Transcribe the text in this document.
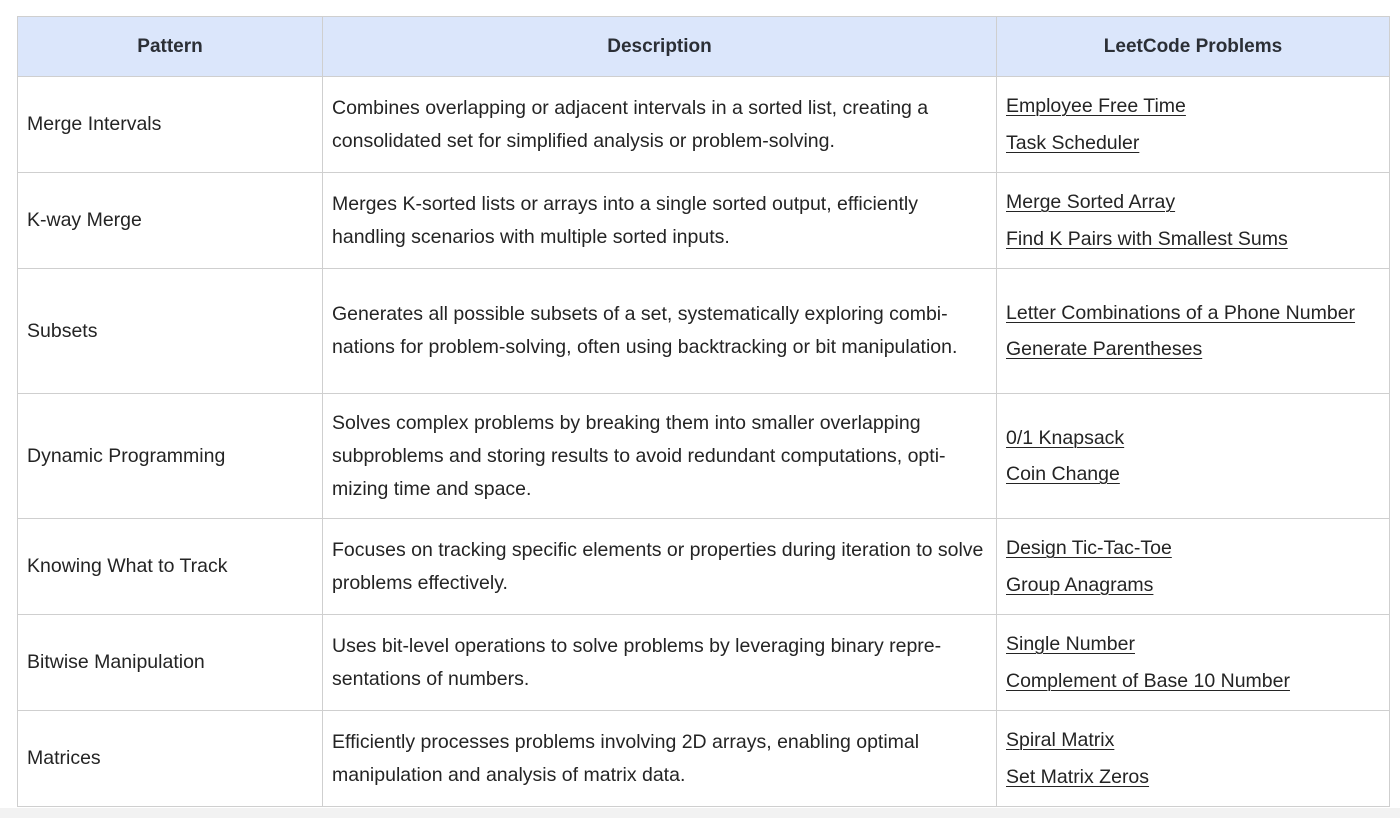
Pattern	Description	LeetCode Problems
Merge Intervals	Combines overlapping or adjacent intervals in a sorted list, creating a consolidated set for simplified analysis or problem-solving.	Employee Free Time
Task Scheduler

K-way Merge	Merges K-sorted lists or arrays into a single sorted output, efficiently handling scenarios with multiple sorted inputs.	Merge Sorted Array
Find K Pairs with Smallest Sums

Subsets	Generates all possible subsets of a set, systematically exploring combinations for problem-solving, often using backtracking or bit manipulation.	Letter Combinations of a Phone Number
Generate Parentheses

Dynamic Programming	Solves complex problems by breaking them into smaller overlapping subproblems and storing results to avoid redundant computations, optimizing time and space.	0/1 Knapsack
Coin Change

Knowing What to Track	Focuses on tracking specific elements or properties during iteration to solve problems effectively.	Design Tic-Tac-Toe
Group Anagrams

Bitwise Manipulation	Uses bit-level operations to solve problems by leveraging binary representations of numbers.	Single Number
Complement of Base 10 Number

Matrices	Efficiently processes problems involving 2D arrays, enabling optimal manipulation and analysis of matrix data.	Spiral Matrix
Set Matrix Zeros
